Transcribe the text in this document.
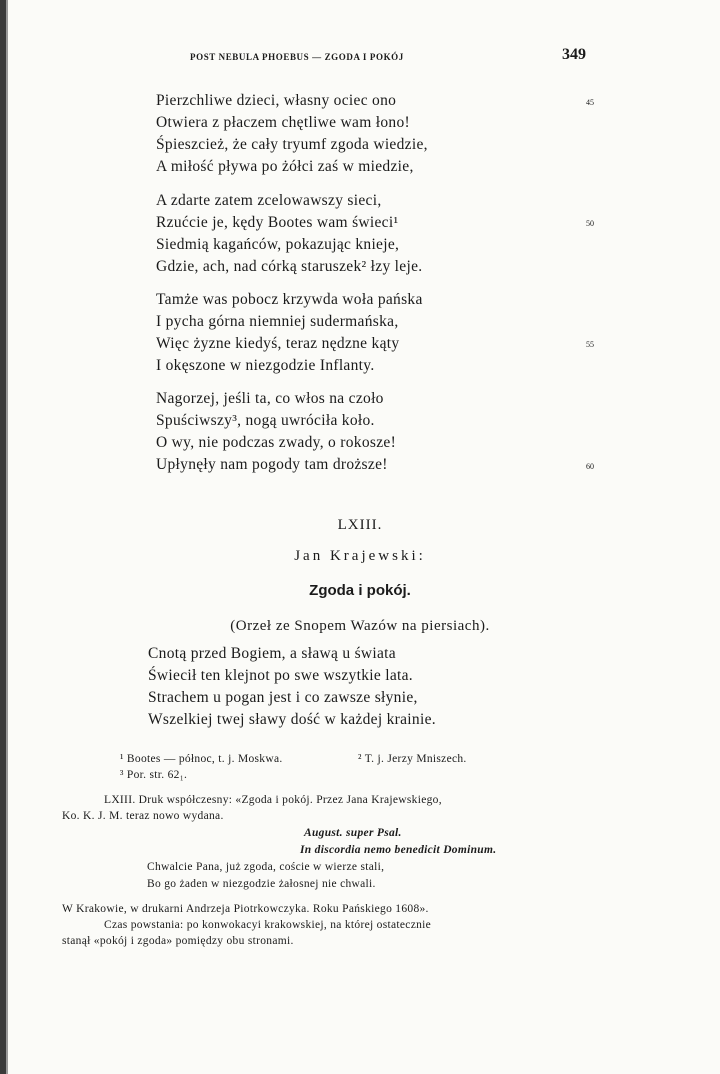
POST NEBULA PHOEBUS — ZGODA I POKÓJ	349
Pierzchliwe dzieci, własny ociec ono
Otwiera z płaczem chętliwe wam łono!
Śpieszcież, że cały tryumf zgoda wiedzie,
A miłość pływa po żółci zaś w miedzie,
45
A zdarte zatem zcelowawszy sieci,
Rzućcie je, kędy Bootes wam świeci¹
Siedmią kagańców, pokazując knieje,
Gdzie, ach, nad córką staruszek² łzy leje.
50
Tamże was pobocz krzywda woła pańska
I pycha górna niemniej sudermańska,
Więc żyzne kiedyś, teraz nędzne kąty
I okęszone w niezgodzie Inflanty.
55
Nagorzej, jeśli ta, co włos na czoło
Spuściwszy³, nogą uwróciła koło.
O wy, nie podczas zwady, o rokosze!
Upłynęły nam pogody tam droższe!	60
LXIII.
Jan Krajewski:
Zgoda i pokój.
(Orzeł ze Snopem Wazów na piersiach).
Cnotą przed Bogiem, a sławą u świata
Świecił ten klejnot po swe wszytkie lata.
Strachem u pogan jest i co zawsze słynie,
Wszelkiej twej sławy dość w każdej krainie.
¹ Bootes — północ, t. j. Moskwa.	² T. j. Jerzy Mniszech.
³ Por. str. 62₁.
LXIII. Druk współczesny: «Zgoda i pokój. Przez Jana Krajewskiego,
Ko. K. J. M. teraz nowo wydana.
August. super Psal.
In discordia nemo benedicit Dominum.
Chwalcie Pana, już zgoda, coście w wierze stali,
Bo go żaden w niezgodzie żałosnej nie chwali.
W Krakowie, w drukarni Andrzeja Piotrkowczyka. Roku Pańskiego 1608».
Czas powstania: po konwokacyi krakowskiej, na której ostatecznie
stanął «pokój i zgoda» pomiędzy obu stronami.
